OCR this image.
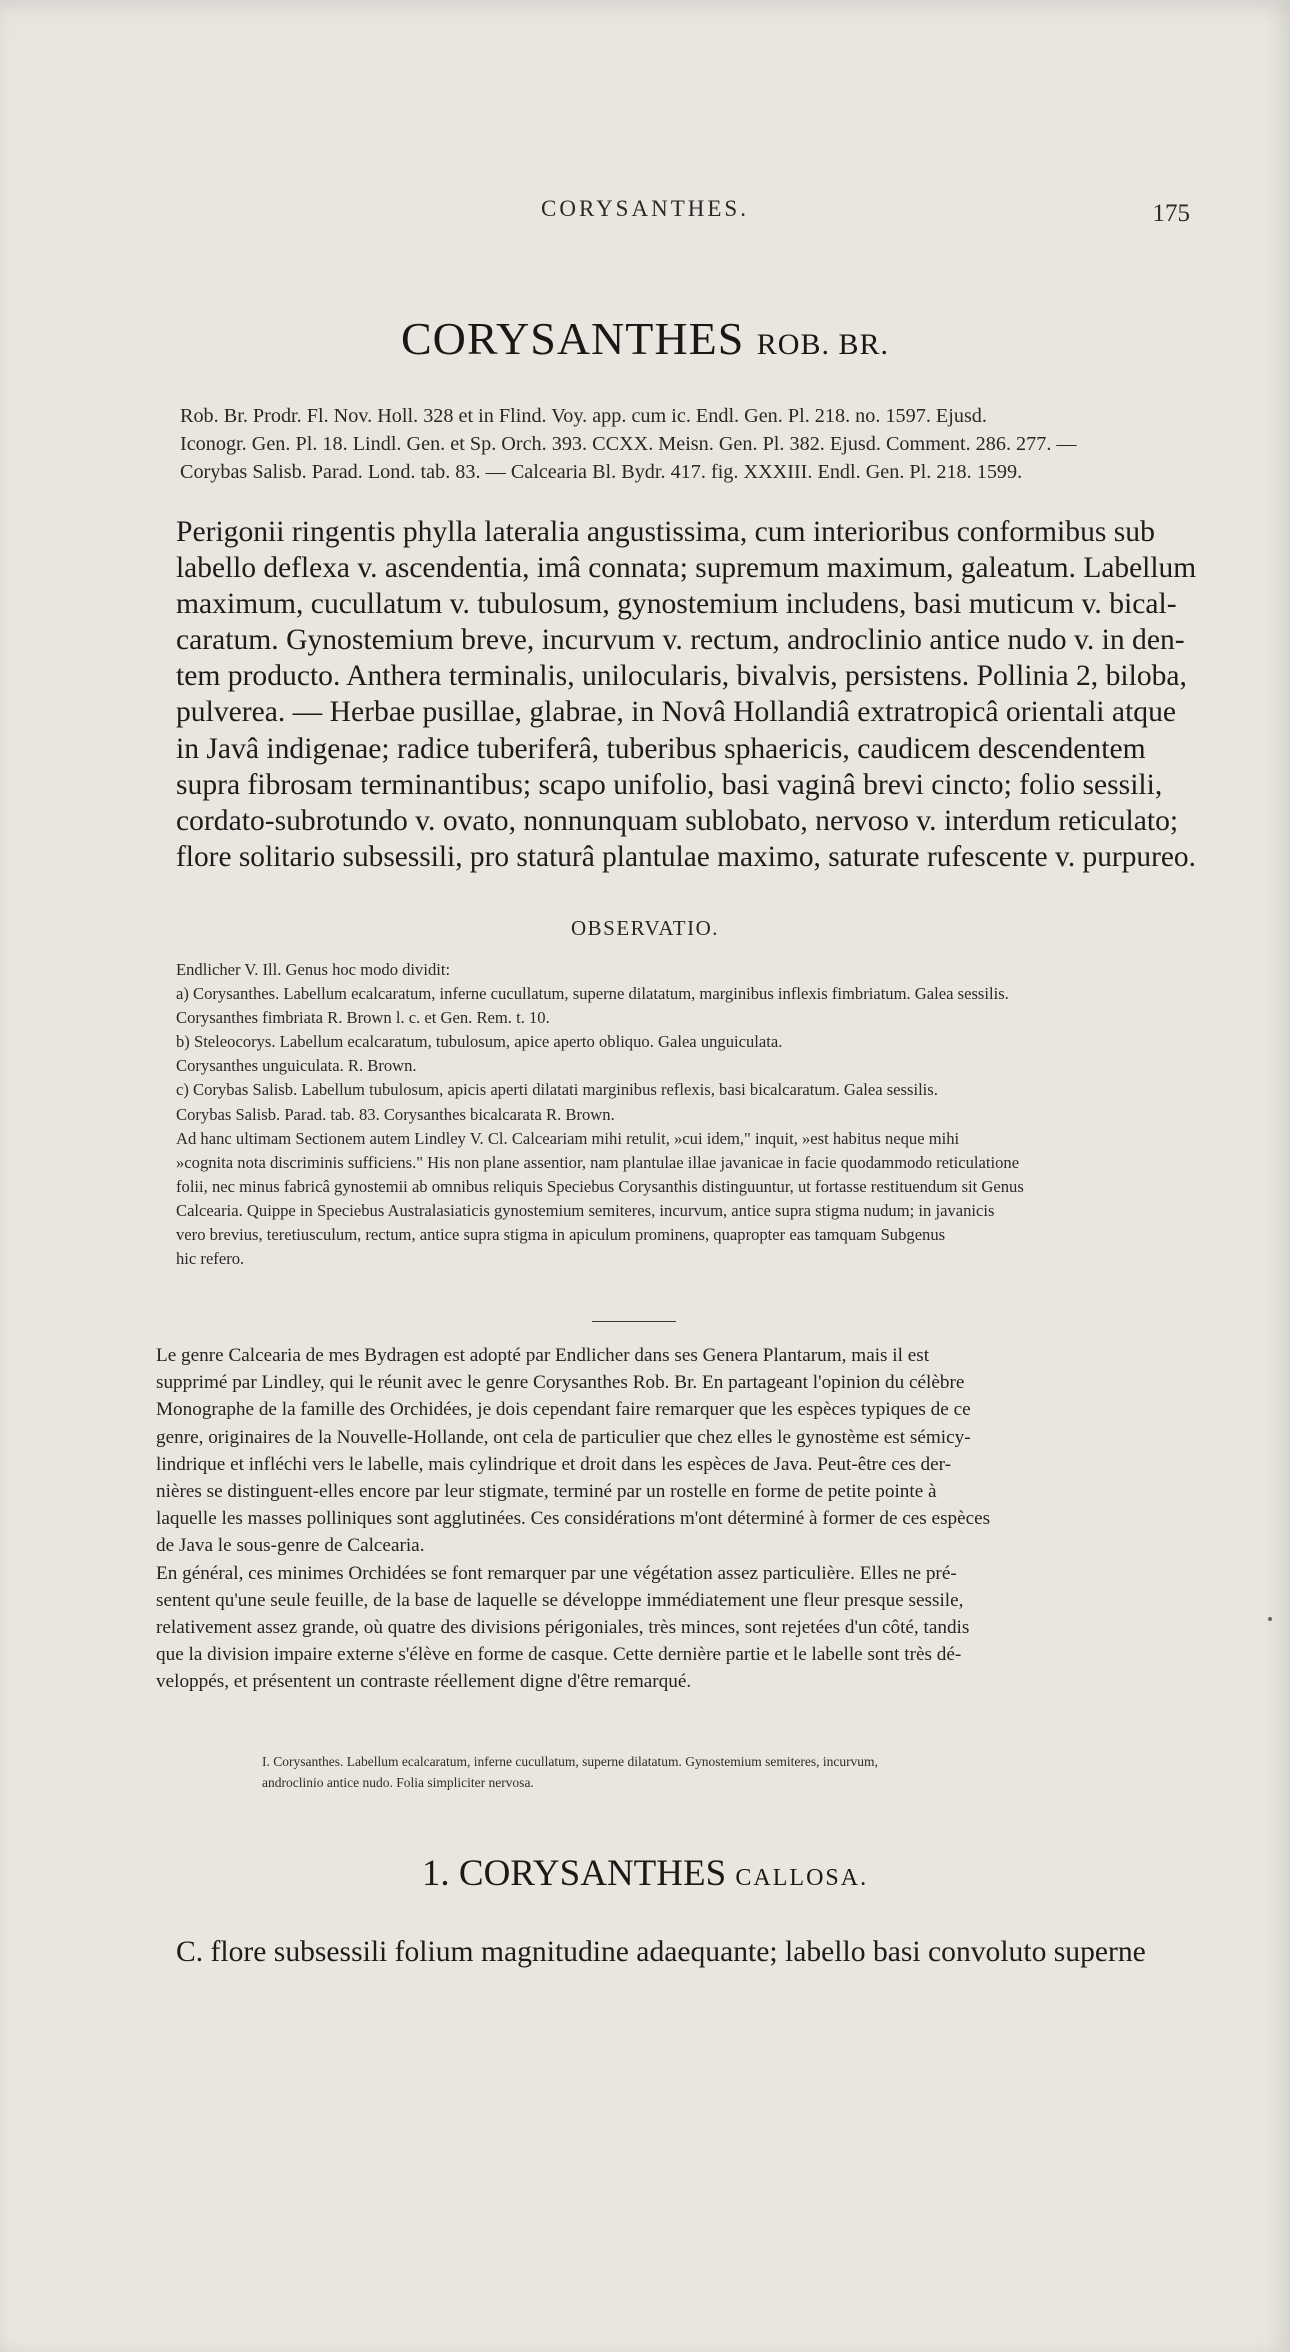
CORYSANTHES.	175
CORYSANTHES ROB. BR.
Rob. Br. Prodr. Fl. Nov. Holl. 328 et in Flind. Voy. app. cum ic. Endl. Gen. Pl. 218. no. 1597. Ejusd.
Iconogr. Gen. Pl. 18. Lindl. Gen. et Sp. Orch. 393. CCXX. Meisn. Gen. Pl. 382. Ejusd. Comment. 286. 277. —
Corybas Salisb. Parad. Lond. tab. 83. — Calcearia Bl. Bydr. 417. fig. XXXIII. Endl. Gen. Pl. 218. 1599.
Perigonii ringentis phylla lateralia angustissima, cum interioribus conformibus sub
labello deflexa v. ascendentia, imâ connata; supremum maximum, galeatum. Labellum
maximum, cucullatum v. tubulosum, gynostemium includens, basi muticum v. bical-
caratum. Gynostemium breve, incurvum v. rectum, androclinio antice nudo v. in den-
tem producto. Anthera terminalis, unilocularis, bivalvis, persistens. Pollinia 2, biloba,
pulverea. — Herbae pusillae, glabrae, in Novâ Hollandiâ extratropicâ orientali atque
in Javâ indigenae; radice tuberiferâ, tuberibus sphaericis, caudicem descendentem
supra fibrosam terminantibus; scapo unifolio, basi vaginâ brevi cincto; folio sessili,
cordato-subrotundo v. ovato, nonnunquam sublobato, nervoso v. interdum reticulato;
flore solitario subsessili, pro staturâ plantulae maximo, saturate rufescente v. purpureo.
OBSERVATIO.
Endlicher V. Ill. Genus hoc modo dividit:
a) Corysanthes. Labellum ecalcaratum, inferne cucullatum, superne dilatatum, marginibus inflexis fimbriatum. Galea sessilis.
Corysanthes fimbriata R. Brown l. c. et Gen. Rem. t. 10.
b) Steleocorys. Labellum ecalcaratum, tubulosum, apice aperto obliquo. Galea unguiculata.
Corysanthes unguiculata. R. Brown.
c) Corybas Salisb. Labellum tubulosum, apicis aperti dilatati marginibus reflexis, basi bicalcaratum. Galea sessilis.
Corybas Salisb. Parad. tab. 83. Corysanthes bicalcarata R. Brown.
Ad hanc ultimam Sectionem autem Lindley V. Cl. Calceariam mihi retulit, »cui idem," inquit, »est habitus neque mihi
»cognita nota discriminis sufficiens." His non plane assentior, nam plantulae illae javanicae in facie quodammodo reticulatione
folii, nec minus fabricâ gynostemii ab omnibus reliquis Speciebus Corysanthis distinguuntur, ut fortasse restituendum sit Genus
Calcearia. Quippe in Speciebus Australasiaticis gynostemium semiteres, incurvum, antice supra stigma nudum; in javanicis
vero brevius, teretiusculum, rectum, antice supra stigma in apiculum prominens, quapropter eas tamquam Subgenus
hic refero.
Le genre Calcearia de mes Bydragen est adopté par Endlicher dans ses Genera Plantarum, mais il est
supprimé par Lindley, qui le réunit avec le genre Corysanthes Rob. Br. En partageant l'opinion du célèbre
Monographe de la famille des Orchidées, je dois cependant faire remarquer que les espèces typiques de ce
genre, originaires de la Nouvelle-Hollande, ont cela de particulier que chez elles le gynostème est sémicy-
lindrique et infléchi vers le labelle, mais cylindrique et droit dans les espèces de Java. Peut-être ces der-
nières se distinguent-elles encore par leur stigmate, terminé par un rostelle en forme de petite pointe à
laquelle les masses polliniques sont agglutinées. Ces considérations m'ont déterminé à former de ces espèces
de Java le sous-genre de Calcearia.
En général, ces minimes Orchidées se font remarquer par une végétation assez particulière. Elles ne pré-
sentent qu'une seule feuille, de la base de laquelle se développe immédiatement une fleur presque sessile,
relativement assez grande, où quatre des divisions périgoniales, très minces, sont rejetées d'un côté, tandis
que la division impaire externe s'élève en forme de casque. Cette dernière partie et le labelle sont très dé-
veloppés, et présentent un contraste réellement digne d'être remarqué.
I. Corysanthes. Labellum ecalcaratum, inferne cucullatum, superne dilatatum. Gynostemium semiteres, incurvum,
androclinio antice nudo. Folia simpliciter nervosa.
1. CORYSANTHES CALLOSA.
C. flore subsessili folium magnitudine adaequante; labello basi convoluto superne
